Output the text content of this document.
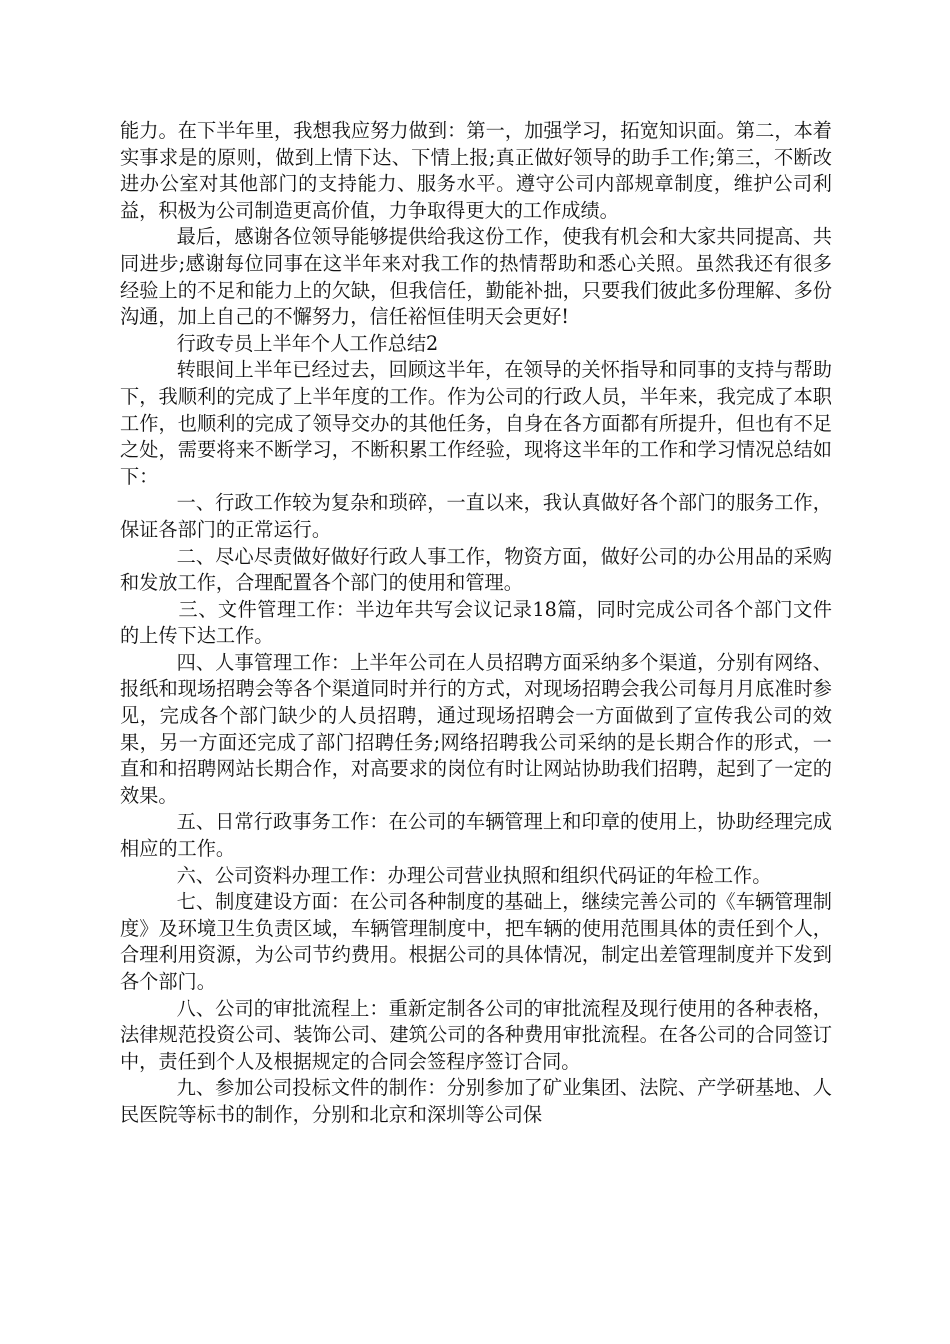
能力。在下半年里，我想我应努力做到：第一，加强学习，拓宽知识面。第二，本着实事求是的原则，做到上情下达、下情上报;真正做好领导的助手工作;第三，不断改进办公室对其他部门的支持能力、服务水平。遵守公司内部规章制度，维护公司利益，积极为公司制造更高价值，力争取得更大的工作成绩。

最后，感谢各位领导能够提供给我这份工作，使我有机会和大家共同提高、共同进步;感谢每位同事在这半年来对我工作的热情帮助和悉心关照。虽然我还有很多经验上的不足和能力上的欠缺，但我信任，勤能补拙，只要我们彼此多份理解、多份沟通，加上自己的不懈努力，信任裕恒佳明天会更好!

行政专员上半年个人工作总结2

转眼间上半年已经过去，回顾这半年，在领导的关怀指导和同事的支持与帮助下，我顺利的完成了上半年度的工作。作为公司的行政人员，半年来，我完成了本职工作，也顺利的完成了领导交办的其他任务，自身在各方面都有所提升，但也有不足之处，需要将来不断学习，不断积累工作经验，现将这半年的工作和学习情况总结如下：

一、行政工作较为复杂和琐碎，一直以来，我认真做好各个部门的服务工作，保证各部门的正常运行。

二、尽心尽责做好做好行政人事工作，物资方面，做好公司的办公用品的采购和发放工作，合理配置各个部门的使用和管理。

三、文件管理工作：半边年共写会议记录18篇，同时完成公司各个部门文件的上传下达工作。

四、人事管理工作：上半年公司在人员招聘方面采纳多个渠道，分别有网络、报纸和现场招聘会等各个渠道同时并行的方式，对现场招聘会我公司每月月底准时参见，完成各个部门缺少的人员招聘，通过现场招聘会一方面做到了宣传我公司的效果，另一方面还完成了部门招聘任务;网络招聘我公司采纳的是长期合作的形式，一直和和招聘网站长期合作，对高要求的岗位有时让网站协助我们招聘，起到了一定的效果。

五、日常行政事务工作：在公司的车辆管理上和印章的使用上，协助经理完成相应的工作。

六、公司资料办理工作：办理公司营业执照和组织代码证的年检工作。

七、制度建设方面：在公司各种制度的基础上，继续完善公司的《车辆管理制度》及环境卫生负责区域，车辆管理制度中，把车辆的使用范围具体的责任到个人，合理利用资源，为公司节约费用。根据公司的具体情况，制定出差管理制度并下发到各个部门。

八、公司的审批流程上：重新定制各公司的审批流程及现行使用的各种表格，法律规范投资公司、装饰公司、建筑公司的各种费用审批流程。在各公司的合同签订中，责任到个人及根据规定的合同会签程序签订合同。

九、参加公司投标文件的制作：分别参加了矿业集团、法院、产学研基地、人民医院等标书的制作，分别和北京和深圳等公司保
